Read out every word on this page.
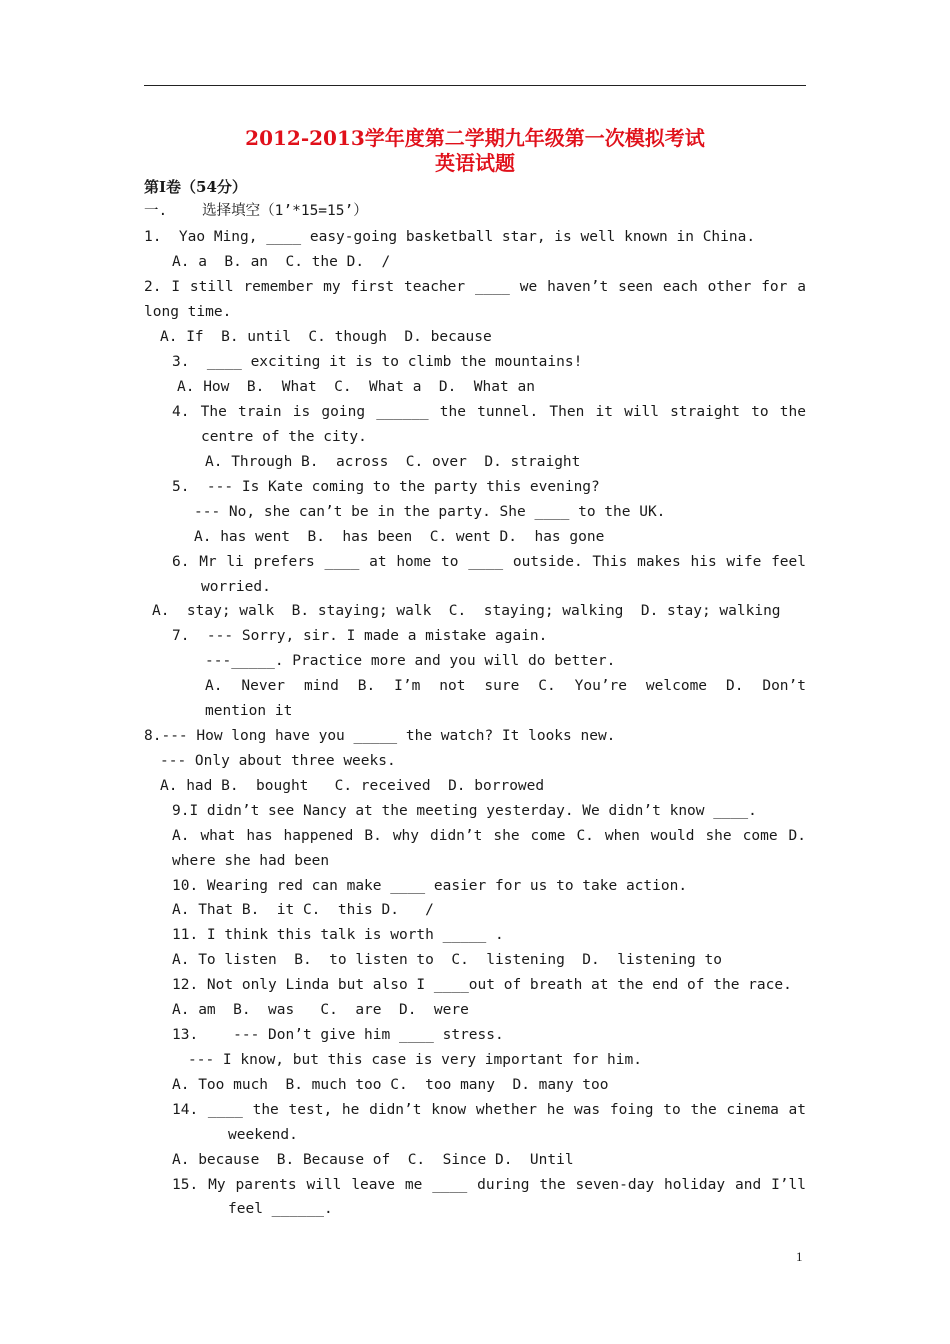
2012-2013学年度第二学期九年级第一次模拟考试
英语试题
第Ⅰ卷（54分）
一.    选择填空（1’*15=15’）
1.  Yao Ming, ____ easy-going basketball star, is well known in China.
A. a  B. an  C. the D.  /
2. I still remember my first teacher ____ we haven’t seen each other for a
long time.
A. If  B. until  C. though  D. because
3.  ____ exciting it is to climb the mountains!
A. How  B.  What  C.  What a  D.  What an
4. The train is going ______ the tunnel. Then it will straight to the
centre of the city.
A. Through B.  across  C. over  D. straight
5.  --- Is Kate coming to the party this evening?
--- No, she can’t be in the party. She ____ to the UK.
A. has went  B.  has been  C. went D.  has gone
6. Mr li prefers ____ at home to ____ outside. This makes his wife feel
worried.
A.  stay; walk  B. staying; walk  C.  staying; walking  D. stay; walking
7.  --- Sorry, sir. I made a mistake again.
---_____. Practice more and you will do better.
A. Never mind B. I’m not sure C. You’re welcome D. Don’t
mention it
8.--- How long have you _____ the watch? It looks new.
--- Only about three weeks.
A. had B.  bought   C. received  D. borrowed
9.I didn’t see Nancy at the meeting yesterday. We didn’t know ____.
A. what has happened B. why didn’t she come C. when would she come D.
where she had been
10. Wearing red can make ____ easier for us to take action.
A. That B.  it C.  this D.   /
11. I think this talk is worth _____ .
A. To listen  B.  to listen to  C.  listening  D.  listening to
12. Not only Linda but also I ____out of breath at the end of the race.
A. am  B.  was   C.  are  D.  were
13.    --- Don’t give him ____ stress.
--- I know, but this case is very important for him.
A. Too much  B. much too C.  too many  D. many too
14. ____ the test, he didn’t know whether he was foing to the cinema at
weekend.
A. because  B. Because of  C.  Since D.  Until
15. My parents will leave me ____ during the seven-day holiday and I’ll
feel ______.
1
